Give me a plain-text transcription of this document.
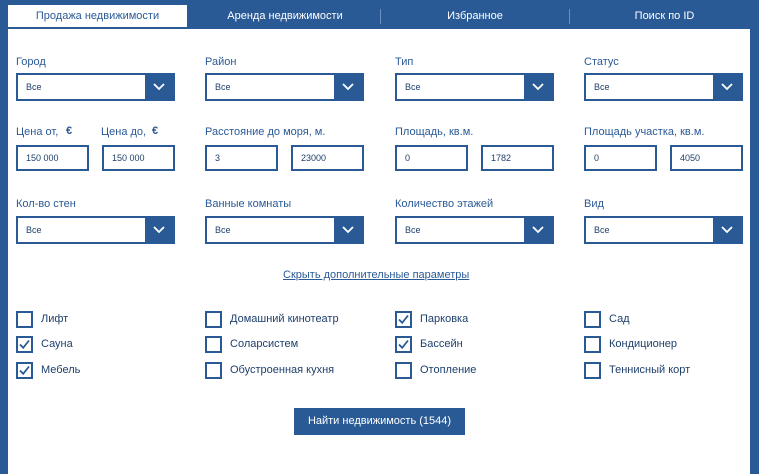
Продажа недвижимости	Аренда недвижимости	Избранное	Поиск по ID
Город
Все
Район
Все
Тип
Все
Статус
Все
Цена от, €	Цена до, €
150 000	150 000
Расстояние до моря, м.
3	23000
Площадь, кв.м.
0	1782
Площадь участка, кв.м.
0	4050
Кол-во стен
Все
Ванные комнаты
Все
Количество этажей
Все
Вид
Все
Скрыть дополнительные параметры
Лифт	Домашний кинотеатр	Парковка	Сад
Сауна	Соларсистем	Бассейн	Кондиционер
Мебель	Обустроенная кухня	Отопление	Теннисный корт
Найти недвижимость (1544)
